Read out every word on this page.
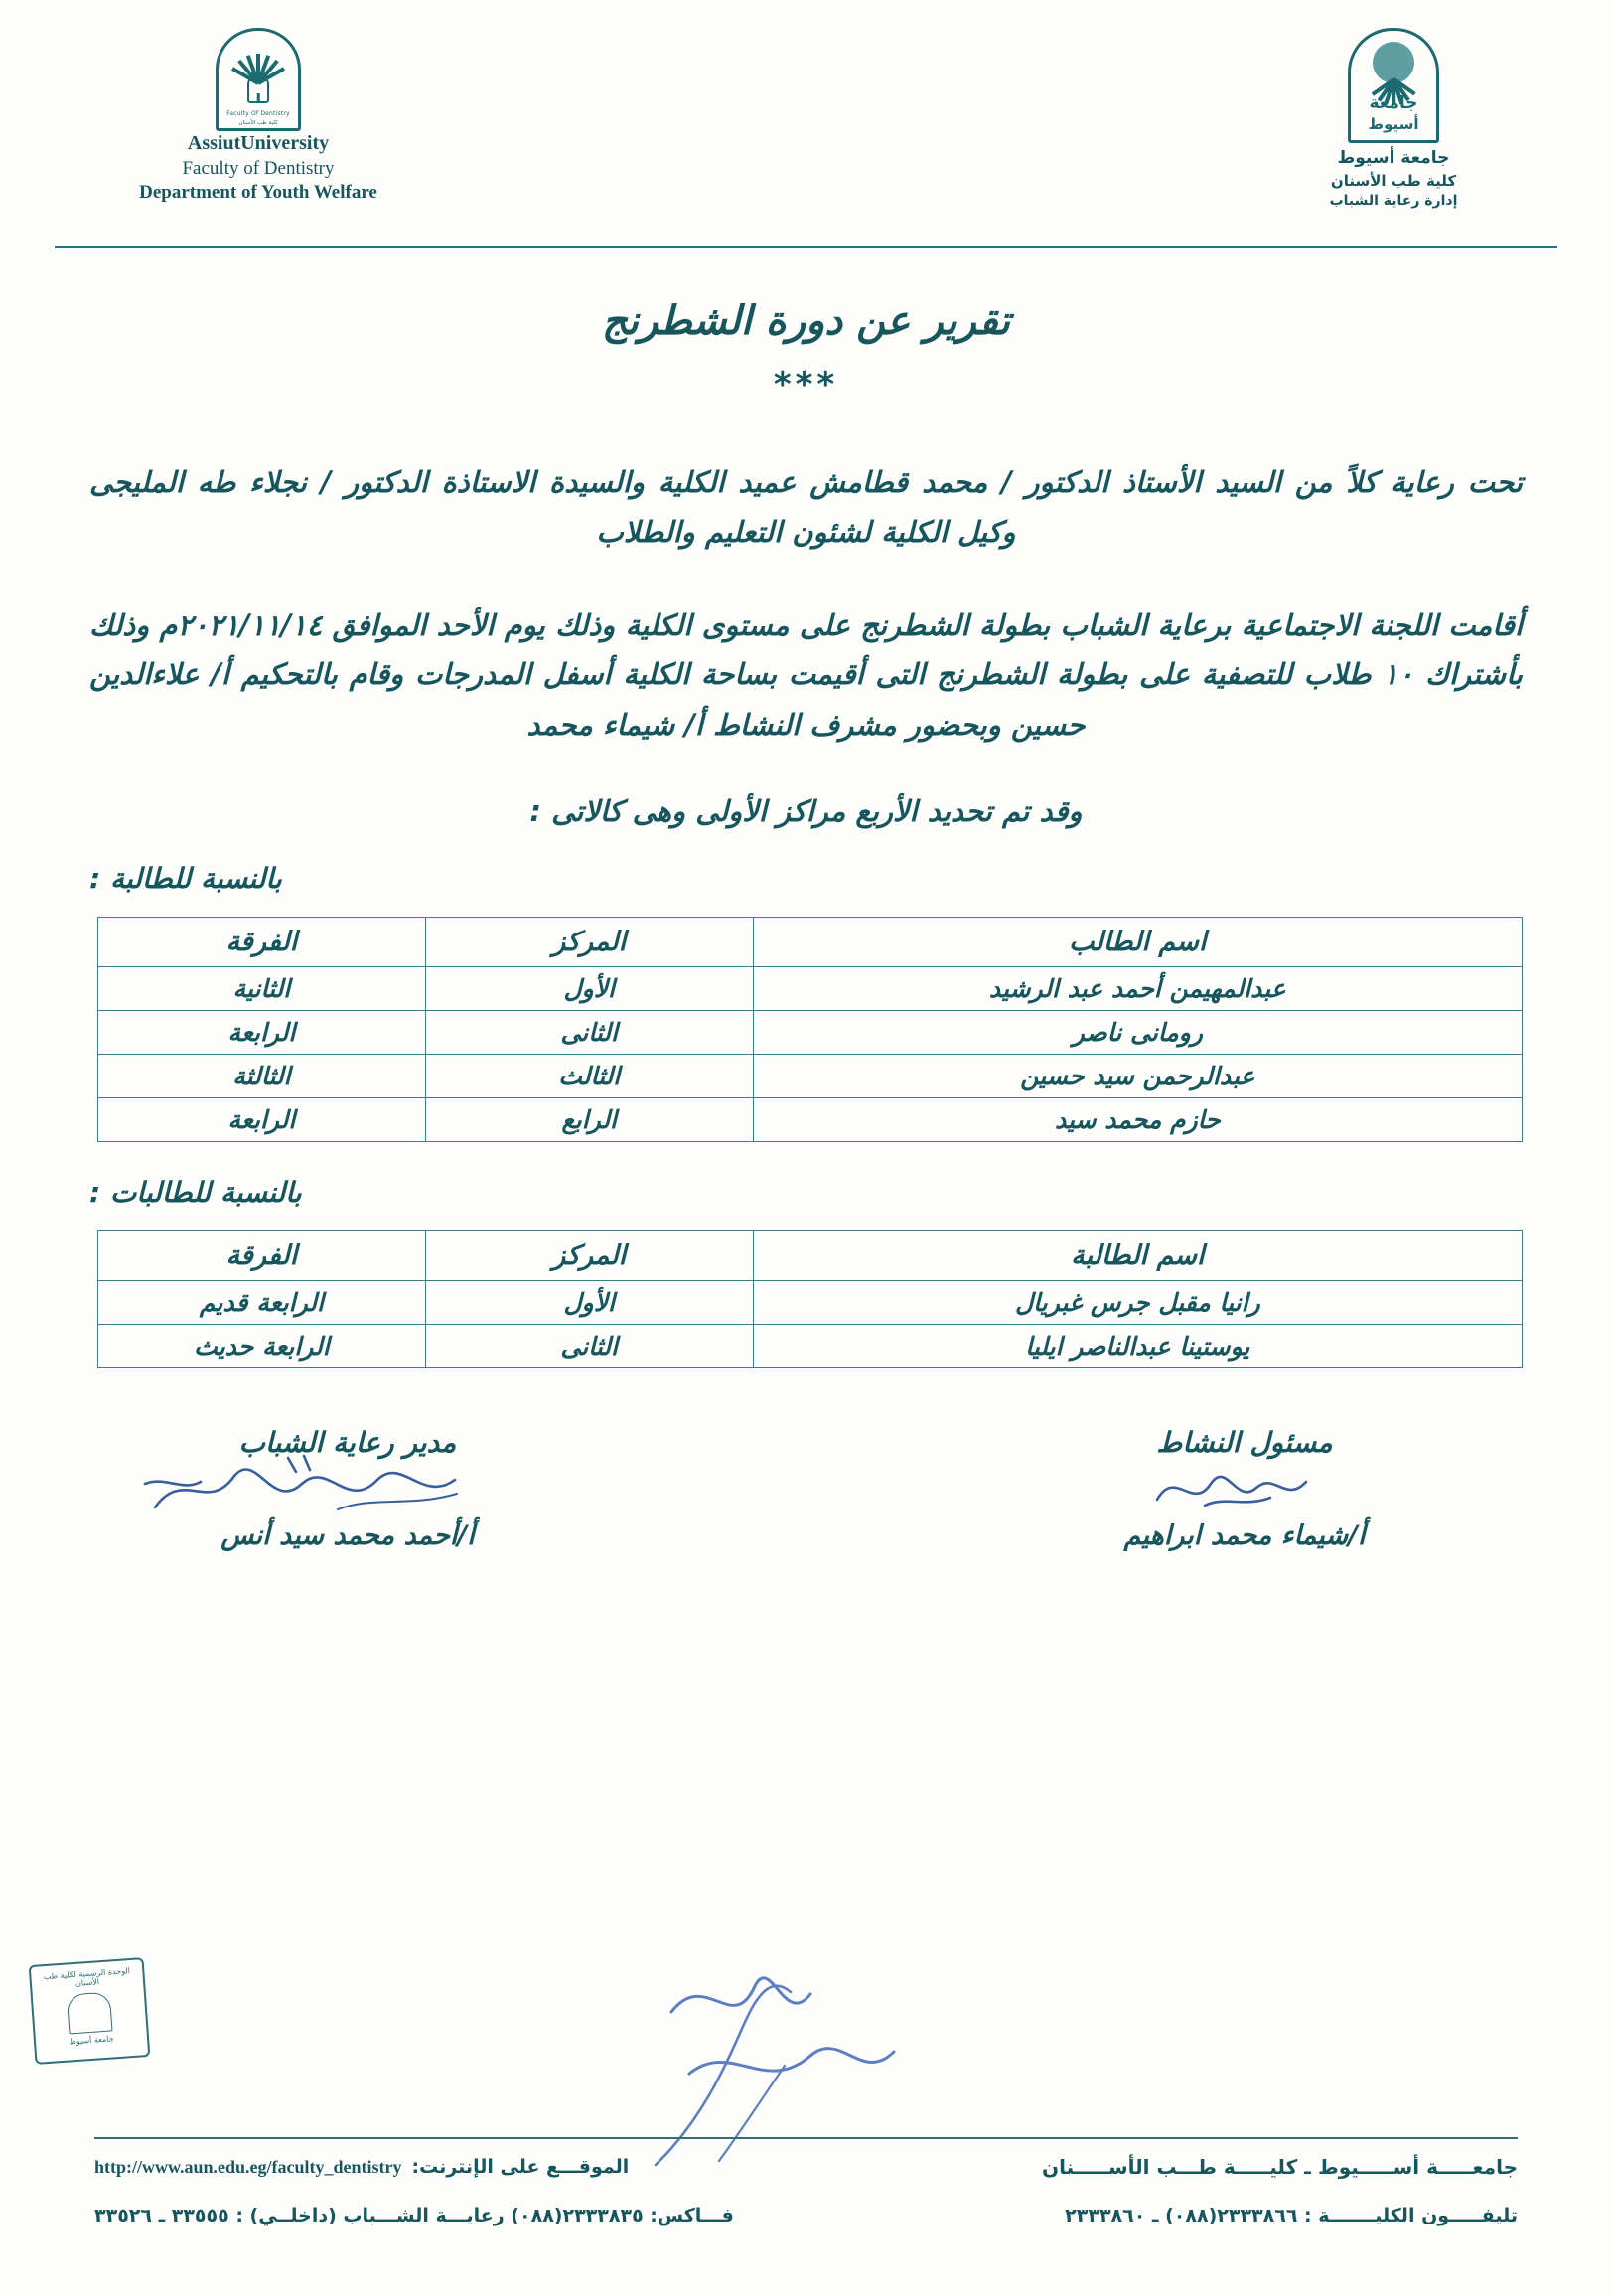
Faculty Of Dentistry
كلية طب الأسنان
AssiutUniversity
Faculty of Dentistry
Department of Youth Welfare
جامعة
أسيوط
جامعة أسيوط
كلية طب الأسنان
إدارة رعاية الشباب
تقرير عن دورة الشطرنج
***
تحت رعاية كلاً من السيد الأستاذ الدكتور / محمد قطامش عميد الكلية والسيدة الاستاذة الدكتور / نجلاء طه المليجى وكيل الكلية لشئون التعليم والطلاب
أقامت اللجنة الاجتماعية برعاية الشباب بطولة الشطرنج على مستوى الكلية وذلك يوم الأحد الموافق ٢٠٢١/١١/١٤م وذلك بأشتراك ١٠ طلاب للتصفية على بطولة الشطرنج التى أقيمت بساحة الكلية أسفل المدرجات وقام بالتحكيم أ/ علاءالدين حسين وبحضور مشرف النشاط أ/ شيماء محمد
وقد تم تحديد الأربع مراكز الأولى وهى كالاتى :
بالنسبة للطالبة :
اسم الطالب	المركز	الفرقة
عبدالمهيمن أحمد عبد الرشيد	الأول	الثانية
رومانى ناصر	الثانى	الرابعة
عبدالرحمن سيد حسين	الثالث	الثالثة
حازم محمد سيد	الرابع	الرابعة
بالنسبة للطالبات :
اسم الطالبة	المركز	الفرقة
رانيا مقبل جرس غبريال	الأول	الرابعة قديم
يوستينا عبدالناصر ايليا	الثانى	الرابعة حديث
مسئول النشاط
أ/شيماء محمد ابراهيم
مدير رعاية الشباب
أ/أحمد محمد سيد أنس
الوحدة الرسمية لكلية طب الأسنان
جامعة أسيوط
جامعـــــة أســـــيوط ـ كليـــــة طـــب الأســـــنان
الموقـــع على الإنترنت:
http://www.aun.edu.eg/faculty_dentistry
تليفـــــون الكليـــــــة : ٢٣٣٣٨٦٦(٠٨٨) ـ ٢٣٣٣٨٦٠
فـــاكس: ٢٣٣٣٨٣٥(٠٨٨) رعايـــة الشـــباب (داخلــي) : ٣٣٥٥٥ ـ ٣٣٥٢٦
